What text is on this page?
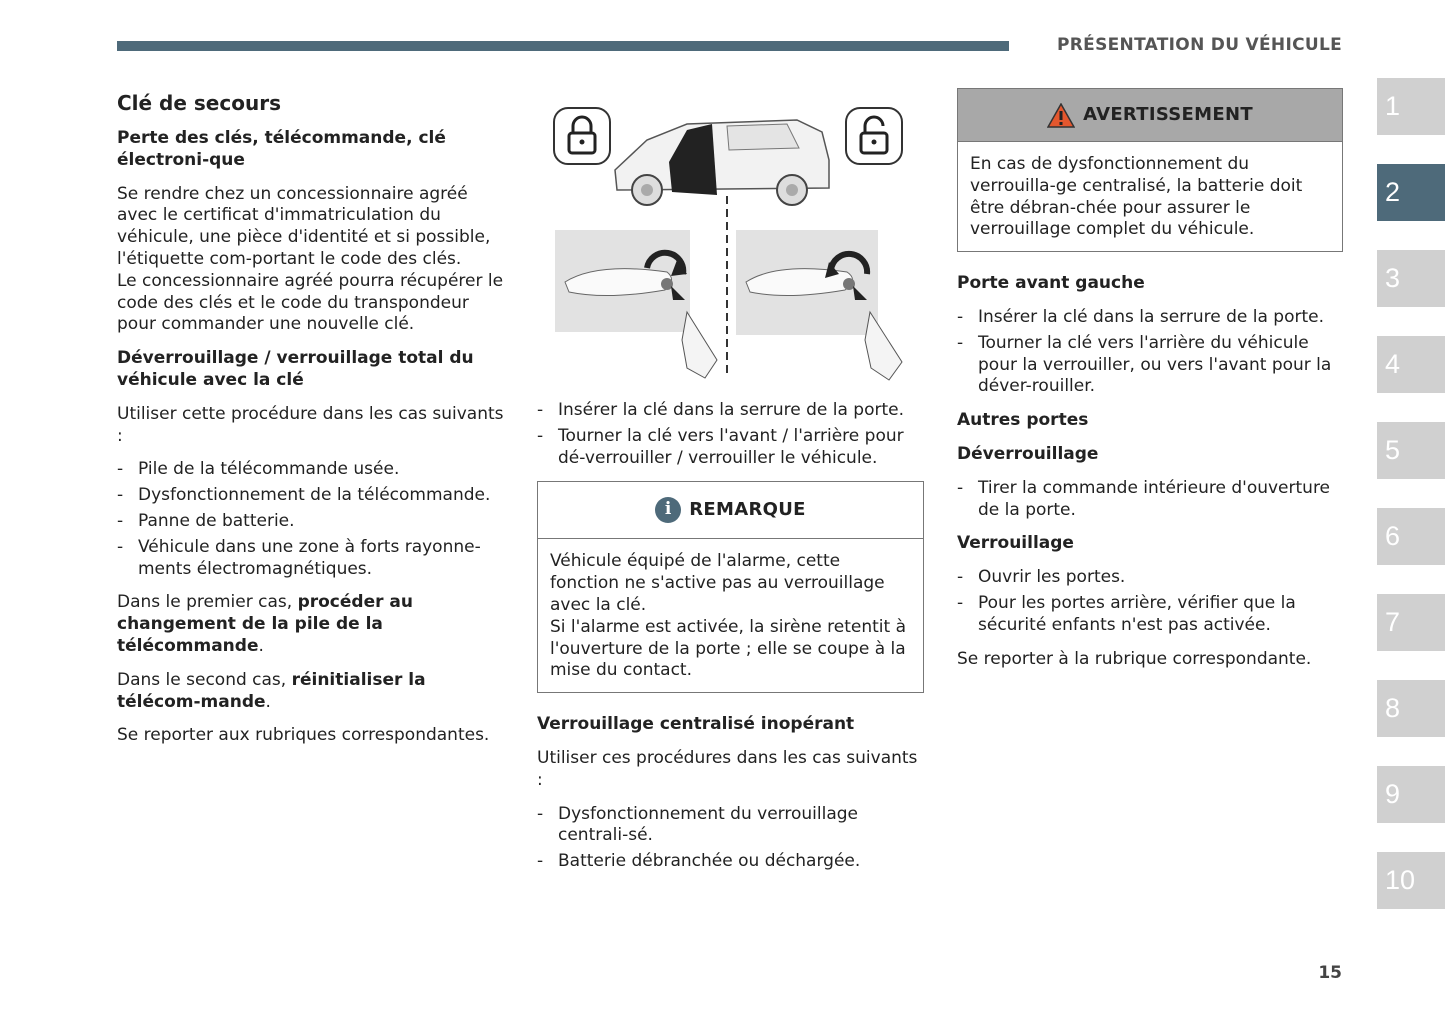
PRÉSENTATION DU VÉHICULE
Clé de secours

Perte des clés, télécommande, clé électroni-que

Se rendre chez un concessionnaire agréé avec le certificat d'immatriculation du véhicule, une pièce d'identité et si possible, l'étiquette com-portant le code des clés.

Le concessionnaire agréé pourra récupérer le code des clés et le code du transpondeur pour commander une nouvelle clé.

Déverrouillage / verrouillage total du véhicule avec la clé

Utiliser cette procédure dans les cas suivants :

- Pile de la télécommande usée.
- Dysfonctionnement de la télécommande.
- Panne de batterie.
- Véhicule dans une zone à forts rayonne-ments électromagnétiques.

Dans le premier cas, procéder au changement de la pile de la télécommande.

Dans le second cas, réinitialiser la télécom-mande.

Se reporter aux rubriques correspondantes.

- Insérer la clé dans la serrure de la porte.
- Tourner la clé vers l'avant / l'arrière pour dé-verrouiller / verrouiller le véhicule.
i REMARQUE

Véhicule équipé de l'alarme, cette fonction ne s'active pas au verrouillage avec la clé.

Si l'alarme est activée, la sirène retentit à l'ouverture de la porte ; elle se coupe à la mise du contact.

Verrouillage centralisé inopérant

Utiliser ces procédures dans les cas suivants :

- Dysfonctionnement du verrouillage centrali-sé.
- Batterie débranchée ou déchargée.
AVERTISSEMENT

En cas de dysfonctionnement du verrouilla-ge centralisé, la batterie doit être débran-chée pour assurer le verrouillage complet du véhicule.

Porte avant gauche

- Insérer la clé dans la serrure de la porte.
- Tourner la clé vers l'arrière du véhicule pour la verrouiller, ou vers l'avant pour la déver-rouiller.

Autres portes

Déverrouillage

- Tirer la commande intérieure d'ouverture de la porte.

Verrouillage

- Ouvrir les portes.
- Pour les portes arrière, vérifier que la sécurité enfants n'est pas activée.

Se reporter à la rubrique correspondante.

1
2
3
4
5
6
7
8
9
10
15
